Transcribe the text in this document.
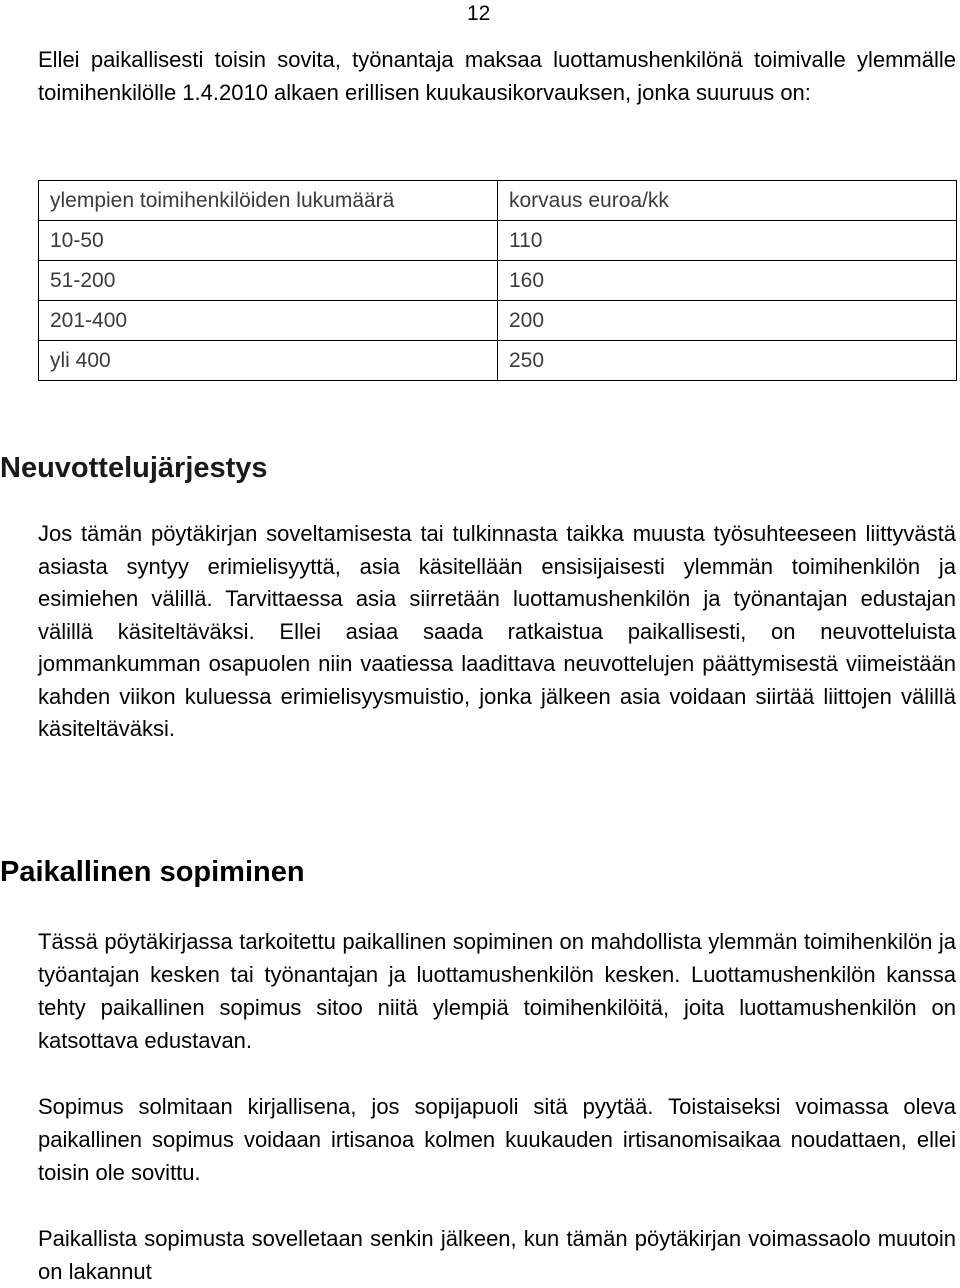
12

Ellei paikallisesti toisin sovita, työnantaja maksaa luottamushenkilönä toimivalle ylemmälle toimihenkilölle 1.4.2010 alkaen erillisen kuukausikorvauksen, jonka suuruus on:

ylempien toimihenkilöiden lukumäärä	korvaus euroa/kk
10-50	110
51-200	160
201-400	200
yli 400	250
Neuvottelujärjestys

Jos tämän pöytäkirjan soveltamisesta tai tulkinnasta taikka muusta työsuhteeseen liittyvästä asiasta syntyy erimielisyyttä, asia käsitellään ensisijaisesti ylemmän toimihenkilön ja esimiehen välillä. Tarvittaessa asia siirretään luottamushenkilön ja työnantajan edustajan välillä käsiteltäväksi. Ellei asiaa saada ratkaistua paikallisesti, on neuvotteluista jommankumman osapuolen niin vaatiessa laadittava neuvottelujen päättymisestä viimeistään kahden viikon kuluessa erimielisyysmuistio, jonka jälkeen asia voidaan siirtää liittojen välillä käsiteltäväksi.

Paikallinen sopiminen

Tässä pöytäkirjassa tarkoitettu paikallinen sopiminen on mahdollista ylemmän toimihenkilön ja työantajan kesken tai työnantajan ja luottamushenkilön kesken. Luottamushenkilön kanssa tehty paikallinen sopimus sitoo niitä ylempiä toimihenkilöitä, joita luottamushenkilön on katsottava edustavan.

Sopimus solmitaan kirjallisena, jos sopijapuoli sitä pyytää. Toistaiseksi voimassa oleva paikallinen sopimus voidaan irtisanoa kolmen kuukauden irtisanomisaikaa noudattaen, ellei toisin ole sovittu.

Paikallista sopimusta sovelletaan senkin jälkeen, kun tämän pöytäkirjan voimassaolo muutoin on lakannut
